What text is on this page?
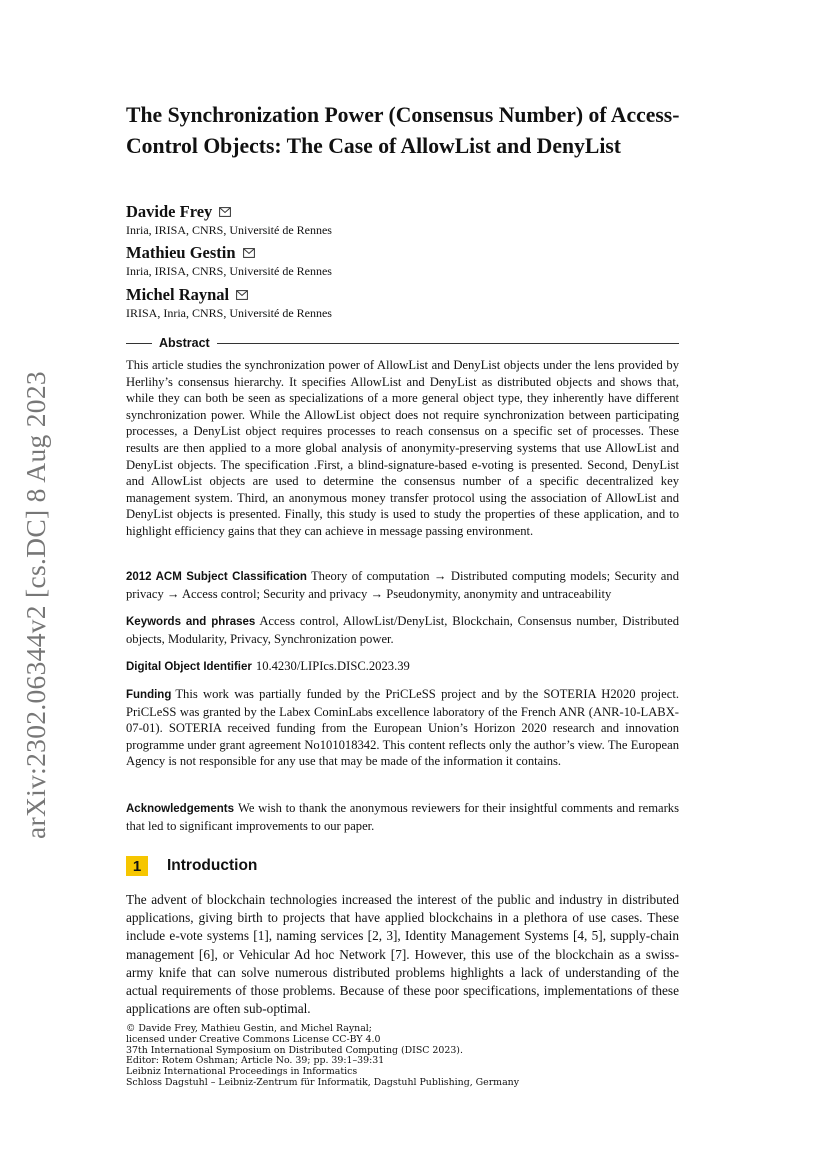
arXiv:2302.06344v2 [cs.DC] 8 Aug 2023
The Synchronization Power (Consensus Number) of Access-Control Objects: The Case of AllowList and DenyList
Davide Frey
Inria, IRISA, CNRS, Université de Rennes
Mathieu Gestin
Inria, IRISA, CNRS, Université de Rennes
Michel Raynal
IRISA, Inria, CNRS, Université de Rennes
Abstract

This article studies the synchronization power of AllowList and DenyList objects under the lens provided by Herlihy’s consensus hierarchy. It specifies AllowList and DenyList as distributed objects and shows that, while they can both be seen as specializations of a more general object type, they inherently have different synchronization power. While the AllowList object does not require synchronization between participating processes, a DenyList object requires processes to reach consensus on a specific set of processes. These results are then applied to a more global analysis of anonymity-preserving systems that use AllowList and DenyList objects. The specification .First, a blind-signature-based e-voting is presented. Second, DenyList and AllowList objects are used to determine the consensus number of a specific decentralized key management system. Third, an anonymous money transfer protocol using the association of AllowList and DenyList objects is presented. Finally, this study is used to study the properties of these application, and to highlight efficiency gains that they can achieve in message passing environment.

2012 ACM Subject Classification Theory of computation → Distributed computing models; Security and privacy → Access control; Security and privacy → Pseudonymity, anonymity and untraceability

Keywords and phrases Access control, AllowList/DenyList, Blockchain, Consensus number, Distributed objects, Modularity, Privacy, Synchronization power.

Digital Object Identifier 10.4230/LIPIcs.DISC.2023.39

Funding This work was partially funded by the PriCLeSS project and by the SOTERIA H2020 project. PriCLeSS was granted by the Labex CominLabs excellence laboratory of the French ANR (ANR-10-LABX-07-01). SOTERIA received funding from the European Union’s Horizon 2020 research and innovation programme under grant agreement No101018342. This content reflects only the author’s view. The European Agency is not responsible for any use that may be made of the information it contains.

Acknowledgements We wish to thank the anonymous reviewers for their insightful comments and remarks that led to significant improvements to our paper.

1	Introduction

The advent of blockchain technologies increased the interest of the public and industry in distributed applications, giving birth to projects that have applied blockchains in a plethora of use cases. These include e-vote systems [1], naming services [2, 3], Identity Management Systems [4, 5], supply-chain management [6], or Vehicular Ad hoc Network [7]. However, this use of the blockchain as a swiss-army knife that can solve numerous distributed problems highlights a lack of understanding of the actual requirements of those problems. Because of these poor specifications, implementations of these applications are often sub-optimal.

© Davide Frey, Mathieu Gestin, and Michel Raynal;
licensed under Creative Commons License CC-BY 4.0
37th International Symposium on Distributed Computing (DISC 2023).
Editor: Rotem Oshman; Article No. 39; pp. 39:1–39:31
Leibniz International Proceedings in Informatics
Schloss Dagstuhl – Leibniz-Zentrum für Informatik, Dagstuhl Publishing, Germany
